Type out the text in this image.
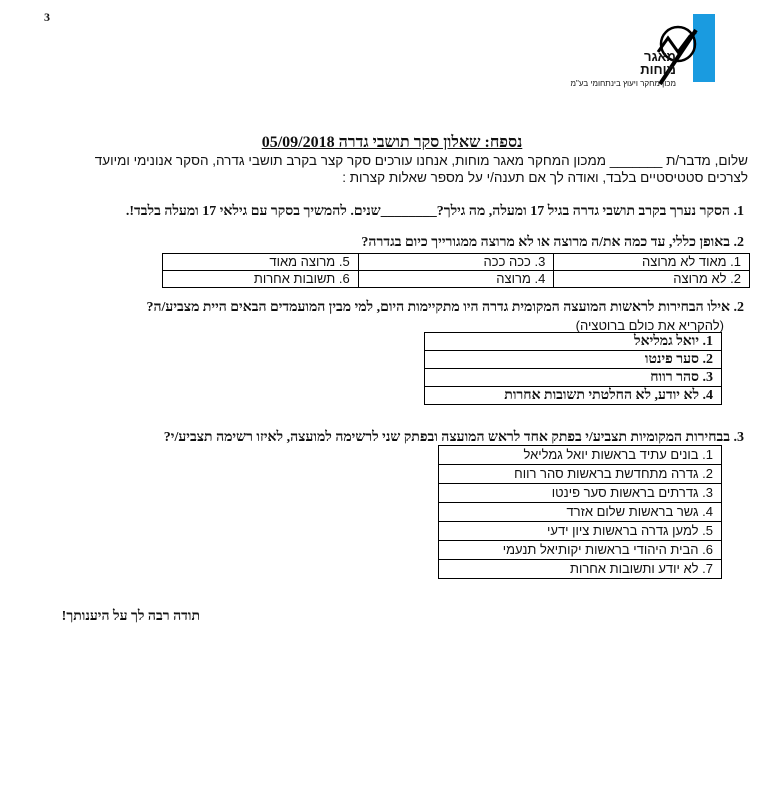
3
מאגר
מוחות
מכון מחקר ויעוץ בינתחומי בע"מ
נספח: שאלון סקר תושבי גדרה 05/09/2018
שלום, מדבר/ת _______ ממכון המחקר מאגר מוחות, אנחנו עורכים סקר קצר בקרב תושבי גדרה, הסקר אנונימי ומיועד
לצרכים סטטיסטיים בלבד, ואודה לך אם תענה/י על מספר שאלות קצרות :
1. הסקר נערך בקרב תושבי גדרה בגיל 17 ומעלה, מה גילך?________שנים. להמשיך בסקר עם גילאי 17 ומעלה בלבד!.
2. באופן כללי, עד כמה את/ה מרוצה או לא מרוצה ממגורייך כיום בגדרה?
1. מאוד לא מרוצה	3. ככה ככה	5. מרוצה מאוד
2. לא מרוצה	4. מרוצה	6. תשובות אחרות
2. אילו הבחירות לראשות המועצה המקומית גדרה היו מתקיימות היום, למי מבין המועמדים הבאים היית מצביע/ה?
(להקריא את כולם ברוטציה)
1. יואל גמליאל
2. סער פינטו
3. סהר רווח
4. לא יודע, לא החלטתי תשובות אחרות
3. בבחירות המקומיות תצביע/י בפתק אחד לראש המועצה ובפתק שני לרשימה למועצה, לאיזו רשימה תצביע/י?
1. בונים עתיד בראשות יואל גמליאל
2. גדרה מתחדשת בראשות סהר רווח
3. גדרתים בראשות סער פינטו
4. גשר בראשות שלום אזרד
5. למען גדרה בראשות ציון ידעי
6. הבית היהודי בראשות יקותיאל תנעמי
7. לא יודע ותשובות אחרות
תודה רבה לך על היענותך!
